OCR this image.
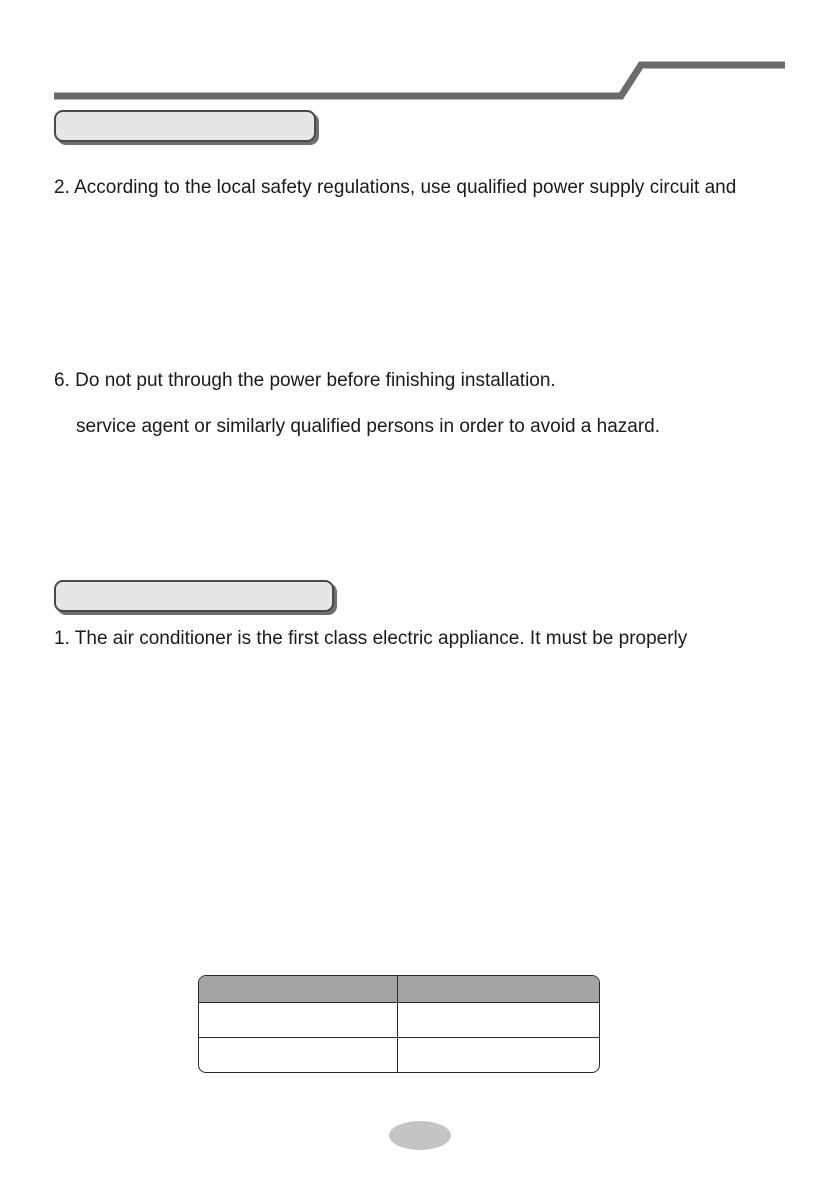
2. According to the local safety regulations, use qualified power supply circuit and

6. Do not put through the power before finishing installation.

service agent or similarly qualified persons in order to avoid a hazard.

1. The air conditioner is the first class electric appliance. It must be properly
